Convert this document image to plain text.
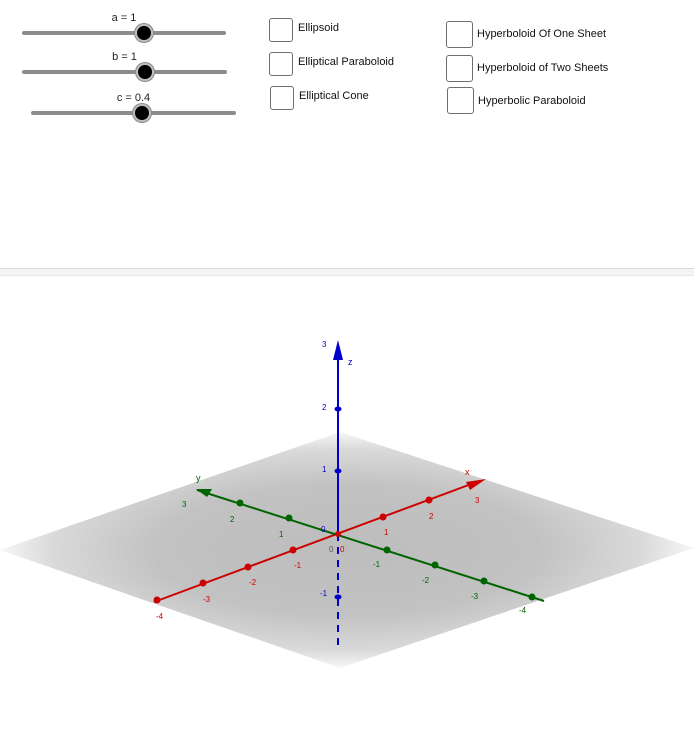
a = 1
b = 1
c = 0.4
Ellipsoid
Elliptical Paraboloid
Elliptical Cone
Hyperboloid Of One Sheet
Hyperboloid of Two Sheets
Hyperbolic Paraboloid
x
y
z
-4
-3
-2
-1
0
1
2
3
-4
-3
-2
-1
0
1
2
3
-1
0
1
2
3
